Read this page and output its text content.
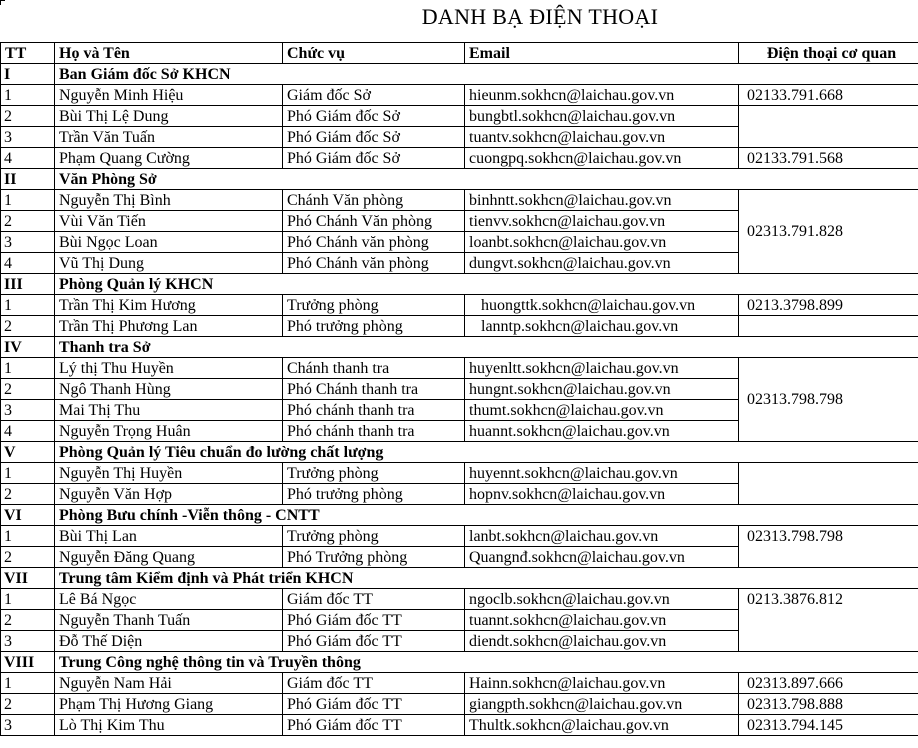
DANH BẠ ĐIỆN THOẠI
TT	Họ và Tên	Chức vụ	Email	Điện thoại cơ quan
I	Ban Giám đốc Sở KHCN			
1	Nguyễn Minh Hiệu	Giám đốc Sở	hieunm.sokhcn@laichau.gov.vn	02133.791.668
2	Bùi Thị Lệ Dung	Phó Giám đốc Sở	bungbtl.sokhcn@laichau.gov.vn	
3	Trần Văn Tuấn	Phó Giám đốc Sở	tuantv.sokhcn@laichau.gov.vn	
4	Phạm Quang Cường	Phó Giám đốc Sở	cuongpq.sokhcn@laichau.gov.vn	02133.791.568
II	Văn Phòng Sở			
1	Nguyễn Thị Bình	Chánh Văn phòng	binhntt.sokhcn@laichau.gov.vn	02313.791.828
2	Vùi Văn Tiến	Phó Chánh Văn phòng	tienvv.sokhcn@laichau.gov.vn	
3	Bùi Ngọc Loan	Phó Chánh văn phòng	loanbt.sokhcn@laichau.gov.vn	
4	Vũ Thị Dung	Phó Chánh văn phòng	dungvt.sokhcn@laichau.gov.vn	
III	Phòng Quản lý KHCN			
1	Trần Thị Kim Hương	Trưởng phòng	huongttk.sokhcn@laichau.gov.vn	0213.3798.899
2	Trần Thị Phương Lan	Phó trưởng phòng	lanntp.sokhcn@laichau.gov.vn	
IV	Thanh tra Sở			
1	Lý thị Thu Huyền	Chánh thanh tra	huyenltt.sokhcn@laichau.gov.vn	02313.798.798
2	Ngô Thanh Hùng	Phó Chánh thanh tra	hungnt.sokhcn@laichau.gov.vn	
3	Mai Thị Thu	Phó chánh thanh tra	thumt.sokhcn@laichau.gov.vn	
4	Nguyễn Trọng Huân	Phó chánh thanh tra	huannt.sokhcn@laichau.gov.vn	
V	Phòng Quản lý Tiêu chuẩn đo lường chất lượng			
1	Nguyễn Thị Huyền	Trưởng phòng	huyennt.sokhcn@laichau.gov.vn	
2	Nguyễn Văn Hợp	Phó trưởng phòng	hopnv.sokhcn@laichau.gov.vn	
VI	Phòng Bưu chính -Viễn thông - CNTT			
1	Bùi Thị Lan	Trưởng phòng	lanbt.sokhcn@laichau.gov.vn	02313.798.798
2	Nguyễn Đăng Quang	Phó Trưởng phòng	Quangnđ.sokhcn@laichau.gov.vn	
VII	Trung tâm Kiểm định và Phát triển KHCN			
1	Lê Bá Ngọc	Giám đốc TT	ngoclb.sokhcn@laichau.gov.vn	0213.3876.812
2	Nguyễn Thanh Tuấn	Phó Giám đốc TT	tuannt.sokhcn@laichau.gov.vn	
3	Đỗ Thế Diện	Phó Giám đốc TT	diendt.sokhcn@laichau.gov.vn	
VIII	Trung Công nghệ thông tin và Truyền thông			
1	Nguyễn Nam Hải	Giám đốc TT	Hainn.sokhcn@laichau.gov.vn	02313.897.666
2	Phạm Thị Hương Giang	Phó Giám đốc TT	giangpth.sokhcn@laichau.gov.vn	02313.798.888
3	Lò Thị Kim Thu	Phó Giám đốc TT	Thultk.sokhcn@laichau.gov.vn	02313.794.145
